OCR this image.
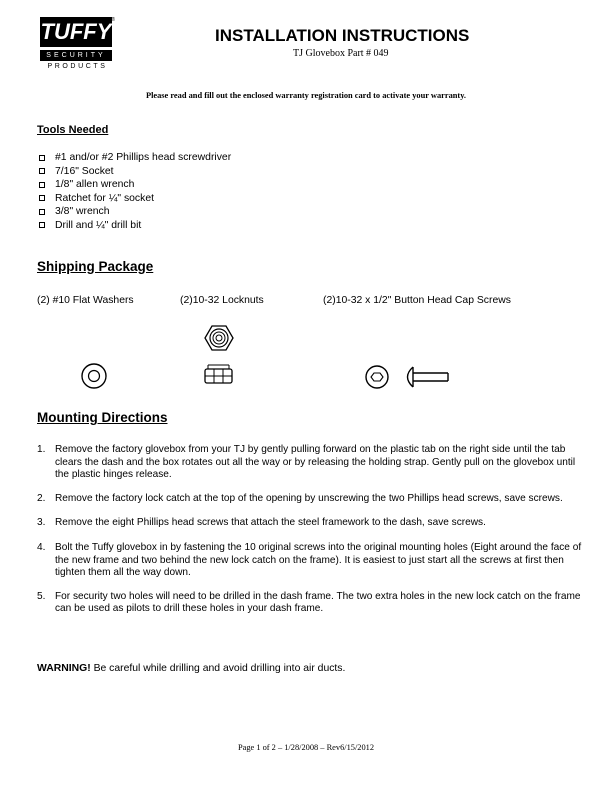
TUFFY ®
SECURITY
PRODUCTS
INSTALLATION INSTRUCTIONS
TJ Glovebox Part # 049
Please read and fill out the enclosed warranty registration card to activate your warranty.
Tools Needed
#1 and/or #2 Phillips head screwdriver
7/16" Socket
1/8" allen wrench
Ratchet for ¼" socket
3/8" wrench
Drill and ¼" drill bit
Shipping Package
(2) #10 Flat Washers	(2)10-32 Locknuts	(2)10-32 x 1/2" Button Head Cap Screws
Mounting Directions
1. Remove the factory glovebox from your TJ by gently pulling forward on the plastic tab on the right side until the tab clears the dash and the box rotates out all the way or by releasing the holding strap. Gently pull on the glovebox until the plastic hinges release.
2. Remove the factory lock catch at the top of the opening by unscrewing the two Phillips head screws, save screws.
3. Remove the eight Phillips head screws that attach the steel framework to the dash, save screws.
4. Bolt the Tuffy glovebox in by fastening the 10 original screws into the original mounting holes (Eight around the face of the new frame and two behind the new lock catch on the frame). It is easiest to just start all the screws at first then tighten them all the way down.
5. For security two holes will need to be drilled in the dash frame. The two extra holes in the new lock catch on the frame can be used as pilots to drill these holes in your dash frame.
WARNING! Be careful while drilling and avoid drilling into air ducts.
Page 1 of 2 – 1/28/2008 – Rev6/15/2012
